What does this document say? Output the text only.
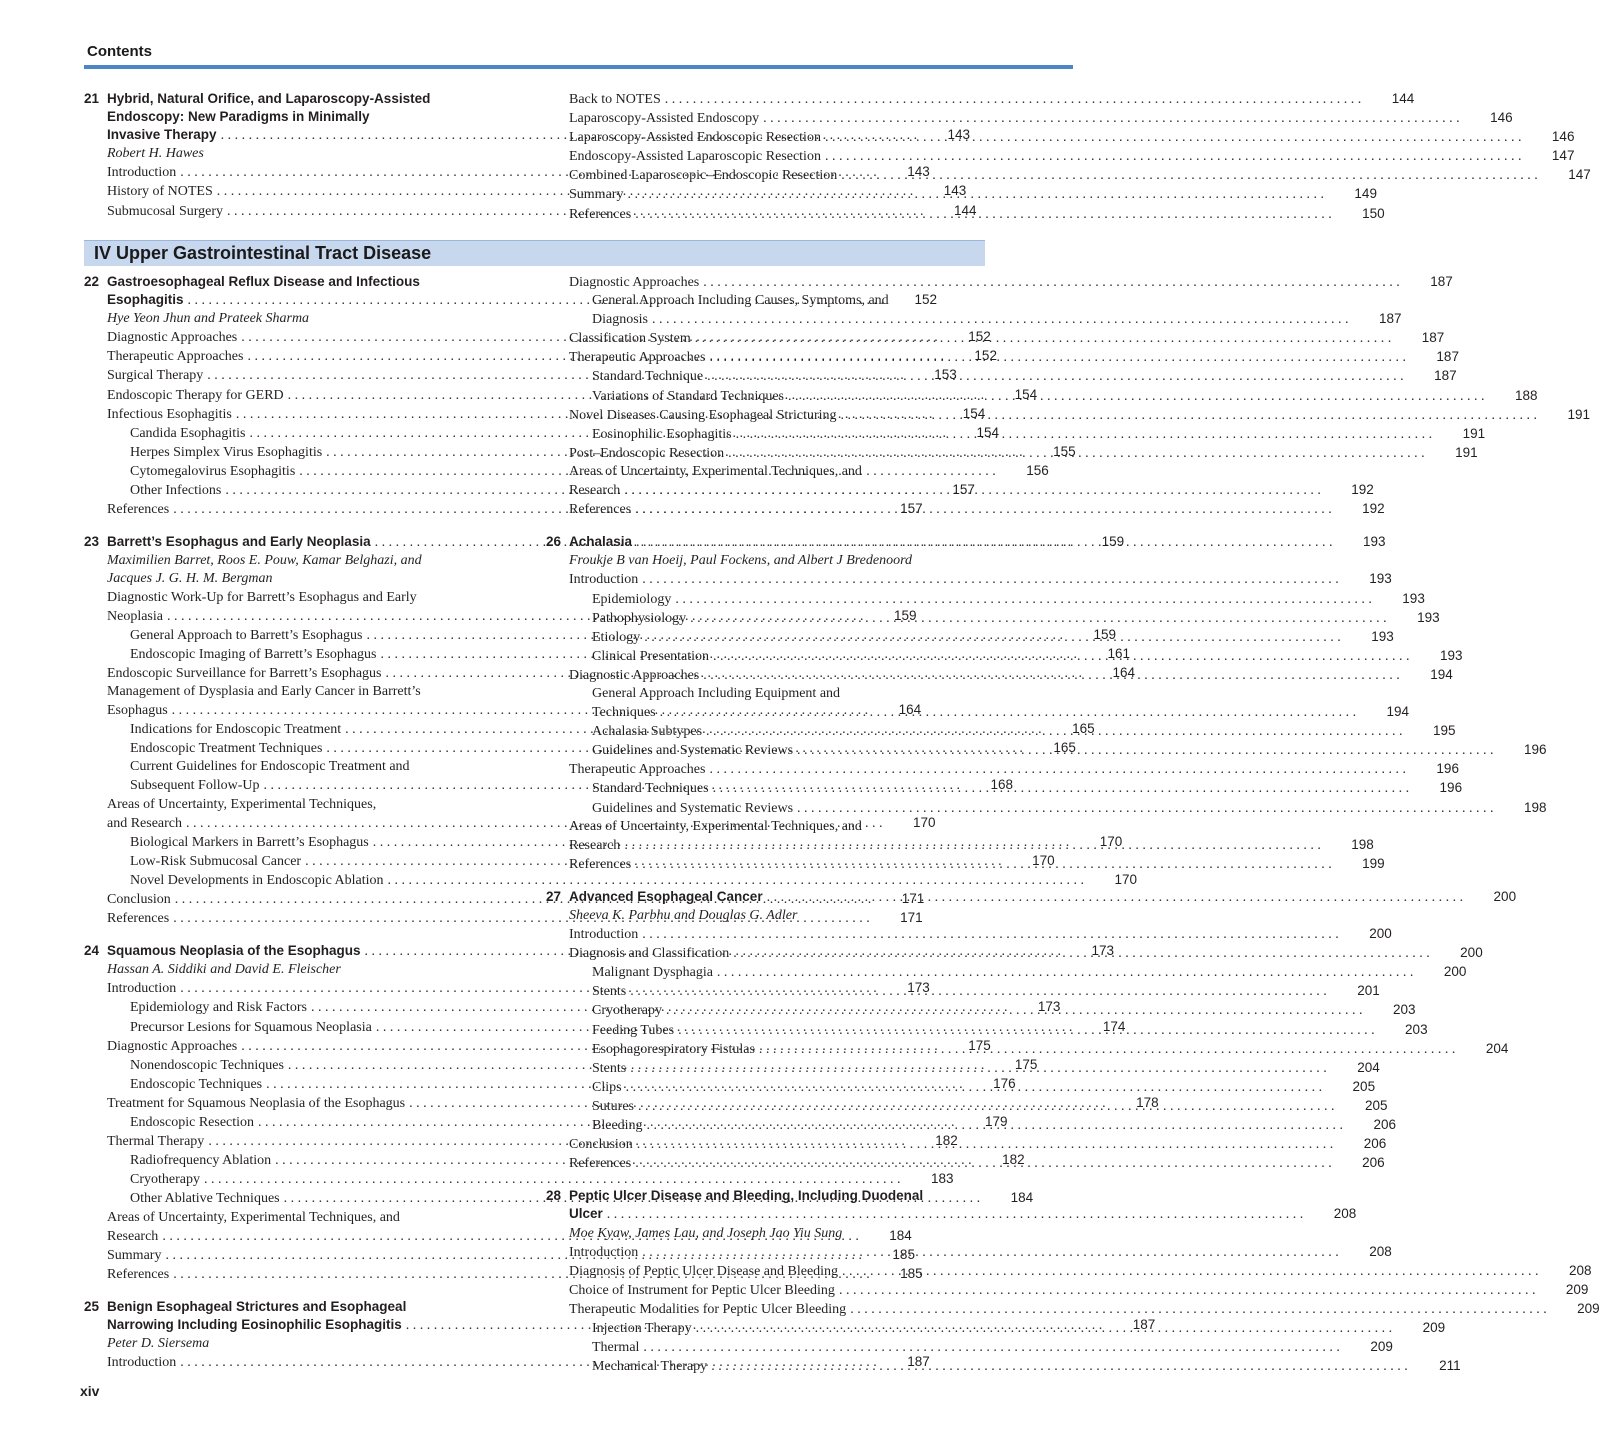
Contents
21 Hybrid, Natural Orifice, and Laparoscopy-Assisted
Endoscopy: New Paradigms in Minimally
Invasive Therapy . . .	143
Robert H. Hawes
Introduction . . .	143
History of NOTES . . .	143
Submucosal Surgery . . .	144
Back to NOTES . . .	144
Laparoscopy-Assisted Endoscopy . . .	146
Laparoscopy-Assisted Endoscopic Resection . . .	146
Endoscopy-Assisted Laparoscopic Resection . . .	147
Combined Laparoscopic–Endoscopic Resection . . .	147
Summary . . .	149
References . . .	150
IV Upper Gastrointestinal Tract Disease
22 Gastroesophageal Reflux Disease and Infectious
Esophagitis . . .	152
Hye Yeon Jhun and Prateek Sharma
Diagnostic Approaches . . .	152
Therapeutic Approaches . . .	152
Surgical Therapy . . .	153
Endoscopic Therapy for GERD . . .	154
Infectious Esophagitis . . .	154
Candida Esophagitis . . .	154
Herpes Simplex Virus Esophagitis . . .	155
Cytomegalovirus Esophagitis . . .	156
Other Infections . . .	157
References . . .	157
23 Barrett’s Esophagus and Early Neoplasia . . .	159
Maximilien Barret, Roos E. Pouw, Kamar Belghazi, and
Jacques J. G. H. M. Bergman
Diagnostic Work-Up for Barrett’s Esophagus and Early
Neoplasia . . .	159
General Approach to Barrett’s Esophagus . . .	159
Endoscopic Imaging of Barrett’s Esophagus . . .	161
Endoscopic Surveillance for Barrett’s Esophagus . . .	164
Management of Dysplasia and Early Cancer in Barrett’s
Esophagus . . .	164
Indications for Endoscopic Treatment . . .	165
Endoscopic Treatment Techniques . . .	165
Current Guidelines for Endoscopic Treatment and
Subsequent Follow-Up . . .	168
Areas of Uncertainty, Experimental Techniques,
and Research . . .	170
Biological Markers in Barrett’s Esophagus . . .	170
Low-Risk Submucosal Cancer . . .	170
Novel Developments in Endoscopic Ablation . . .	170
Conclusion . . .	171
References . . .	171
24 Squamous Neoplasia of the Esophagus . . .	173
Hassan A. Siddiki and David E. Fleischer
Introduction . . .	173
Epidemiology and Risk Factors . . .	173
Precursor Lesions for Squamous Neoplasia . . .	174
Diagnostic Approaches . . .	175
Nonendoscopic Techniques . . .	175
Endoscopic Techniques . . .	176
Treatment for Squamous Neoplasia of the Esophagus . . .	178
Endoscopic Resection . . .	179
Thermal Therapy . . .	182
Radiofrequency Ablation . . .	182
Cryotherapy . . .	183
Other Ablative Techniques . . .	184
Areas of Uncertainty, Experimental Techniques, and
Research . . .	184
Summary . . .	185
References . . .	185
25 Benign Esophageal Strictures and Esophageal
Narrowing Including Eosinophilic Esophagitis . . .	187
Peter D. Siersema
Introduction . . .	187
Diagnostic Approaches . . .	187
General Approach Including Causes, Symptoms, and
Diagnosis . . .	187
Classification System . . .	187
Therapeutic Approaches . . .	187
Standard Technique . . .	187
Variations of Standard Techniques . . .	188
Novel Diseases Causing Esophageal Stricturing . . .	191
Eosinophilic Esophagitis . . .	191
Post–Endoscopic Resection . . .	191
Areas of Uncertainty, Experimental Techniques, and
Research . . .	192
References . . .	192
26 Achalasia . . .	193
Froukje B van Hoeij, Paul Fockens, and Albert J Bredenoord
Introduction . . .	193
Epidemiology . . .	193
Pathophysiology . . .	193
Etiology . . .	193
Clinical Presentation . . .	193
Diagnostic Approaches . . .	194
General Approach Including Equipment and
Techniques . . .	194
Achalasia Subtypes . . .	195
Guidelines and Systematic Reviews . . .	196
Therapeutic Approaches . . .	196
Standard Techniques . . .	196
Guidelines and Systematic Reviews . . .	198
Areas of Uncertainty, Experimental Techniques, and
Research . . .	198
References . . .	199
27 Advanced Esophageal Cancer . . .	200
Sheeva K. Parbhu and Douglas G. Adler
Introduction . . .	200
Diagnosis and Classification . . .	200
Malignant Dysphagia . . .	200
Stents . . .	201
Cryotherapy . . .	203
Feeding Tubes . . .	203
Esophagorespiratory Fistulas . . .	204
Stents . . .	204
Clips . . .	205
Sutures . . .	205
Bleeding . . .	206
Conclusion . . .	206
References . . .	206
28 Peptic Ulcer Disease and Bleeding, Including Duodenal
Ulcer . . .	208
Moe Kyaw, James Lau, and Joseph Jao Yiu Sung
Introduction . . .	208
Diagnosis of Peptic Ulcer Disease and Bleeding . . .	208
Choice of Instrument for Peptic Ulcer Bleeding . . .	209
Therapeutic Modalities for Peptic Ulcer Bleeding . . .	209
Injection Therapy . . .	209
Thermal . . .	209
Mechanical Therapy . . .	211
xiv
